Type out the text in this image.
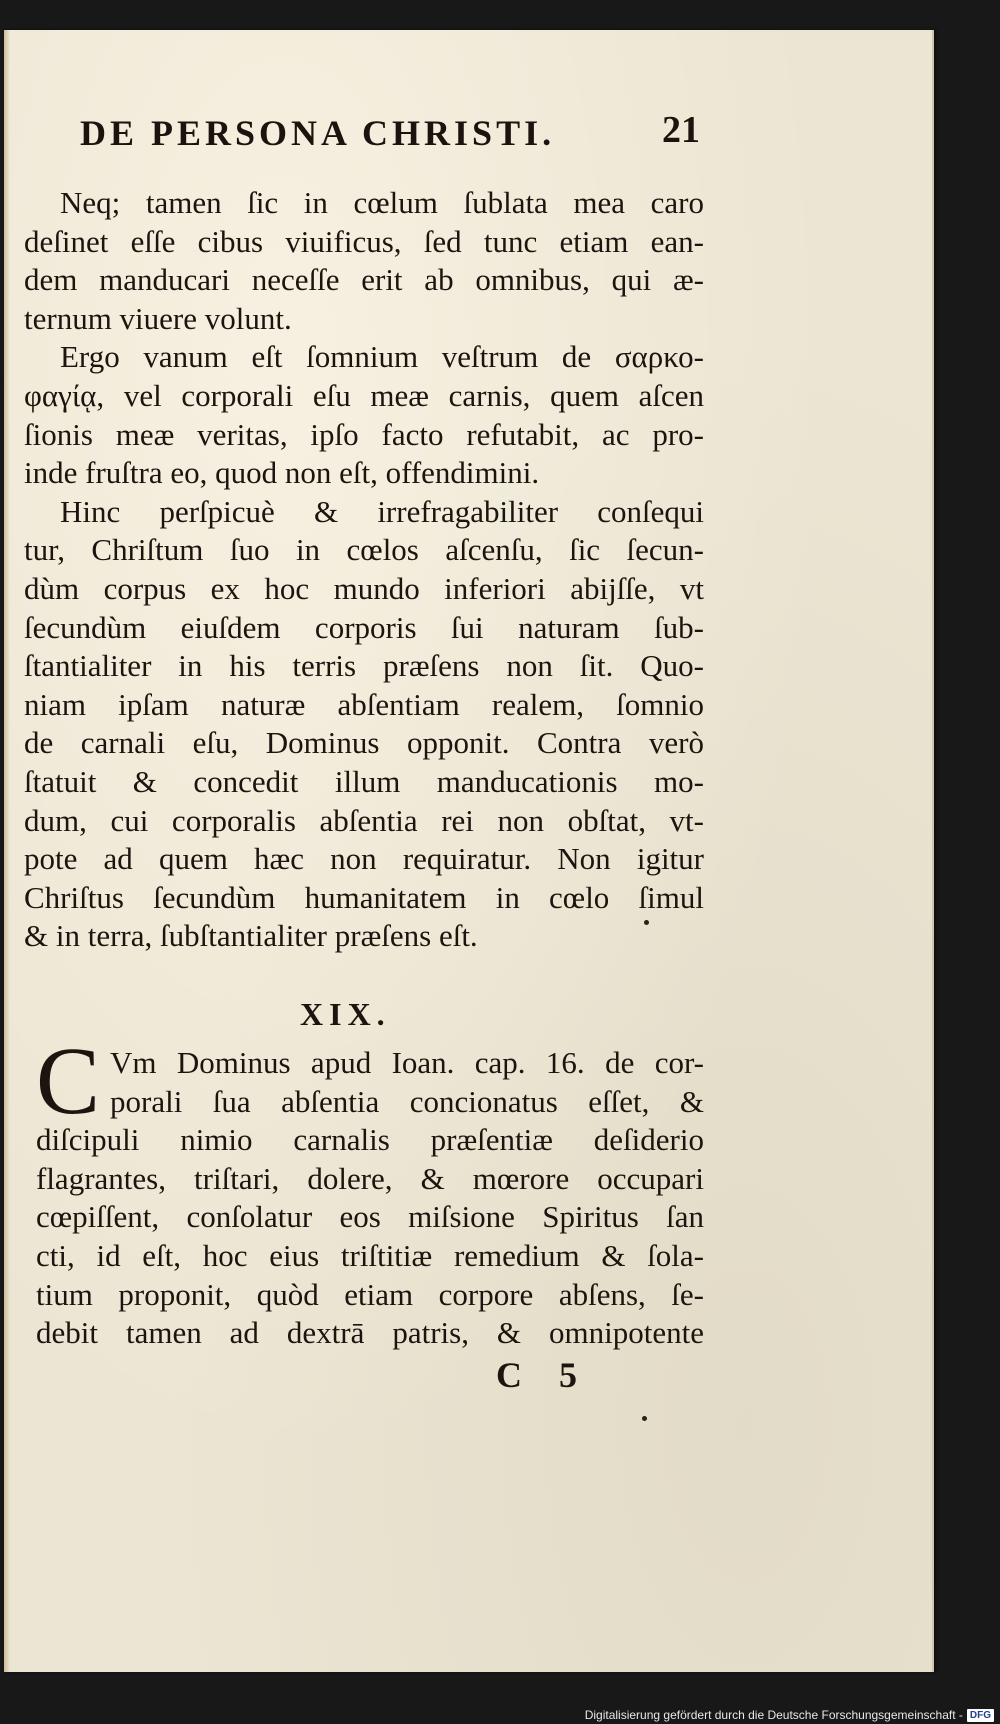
DE PERSONA CHRISTI.	21
Neq; tamen ſic in cœlum ſublata mea caro
deſinet eſſe cibus viuificus, ſed tunc etiam ean-
dem manducari neceſſe erit ab omnibus, qui æ-
ternum viuere volunt.
Ergo vanum eſt ſomnium veſtrum de σαρκο-
φαγίᾳ, vel corporali eſu meæ carnis, quem aſcen
ſionis meæ veritas, ipſo facto refutabit, ac pro-
inde fruſtra eo, quod non eſt, offendimini.
Hinc perſpicuè & irrefragabiliter conſequi
tur, Chriſtum ſuo in cœlos aſcenſu, ſic ſecun-
dùm corpus ex hoc mundo inferiori abijſſe, vt
ſecundùm eiuſdem corporis ſui naturam ſub-
ſtantialiter in his terris præſens non ſit. Quo-
niam ipſam naturæ abſentiam realem, ſomnio
de carnali eſu, Dominus opponit. Contra verò
ſtatuit & concedit illum manducationis mo-
dum, cui corporalis abſentia rei non obſtat, vt-
pote ad quem hæc non requiratur. Non igitur
Chriſtus ſecundùm humanitatem in cœlo ſimul
& in terra, ſubſtantialiter præſens eſt.
XIX.
C Vm Dominus apud Ioan. cap. 16. de cor-
porali ſua abſentia concionatus eſſet, &
diſcipuli nimio carnalis præſentiæ deſiderio
flagrantes, triſtari, dolere, & mœrore occupari
cœpiſſent, conſolatur eos miſsione Spiritus ſan
cti, id eſt, hoc eius triſtitiæ remedium & ſola-
tium proponit, quòd etiam corpore abſens, ſe-
debit tamen ad dextrā patris, & omnipotente
C 5
Digitalisierung gefördert durch die Deutsche Forschungsgemeinschaft - DFG
